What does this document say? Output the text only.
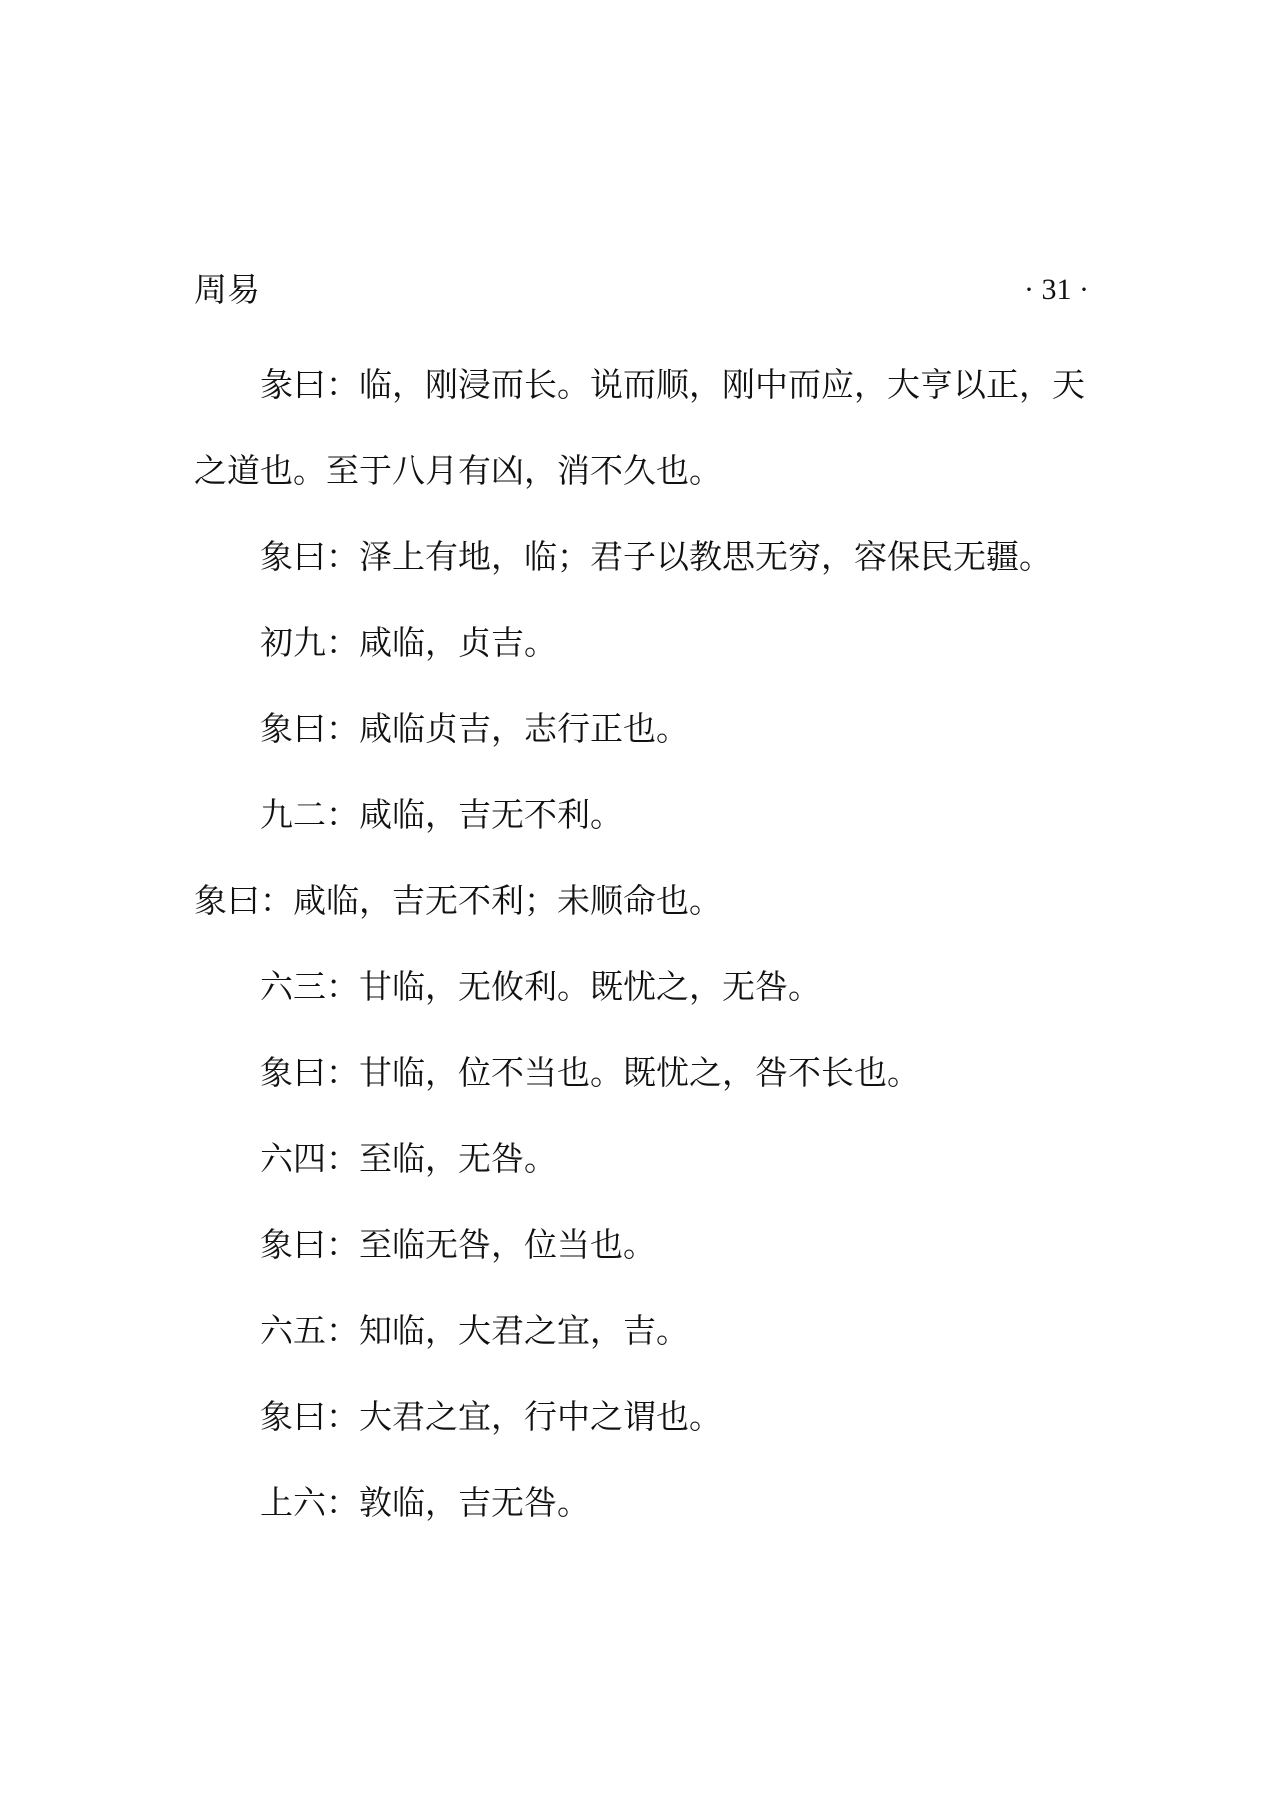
周易	· 31 ·

彖曰：临，刚浸而长。说而顺，刚中而应，大亨以正，天之道也。至于八月有凶，消不久也。

象曰：泽上有地，临；君子以教思无穷，容保民无疆。

初九：咸临，贞吉。

象曰：咸临贞吉，志行正也。

九二：咸临，吉无不利。

象曰：咸临，吉无不利；未顺命也。

六三：甘临，无攸利。既忧之，无咎。

象曰：甘临，位不当也。既忧之，咎不长也。

六四：至临，无咎。

象曰：至临无咎，位当也。

六五：知临，大君之宜，吉。

象曰：大君之宜，行中之谓也。

上六：敦临，吉无咎。
